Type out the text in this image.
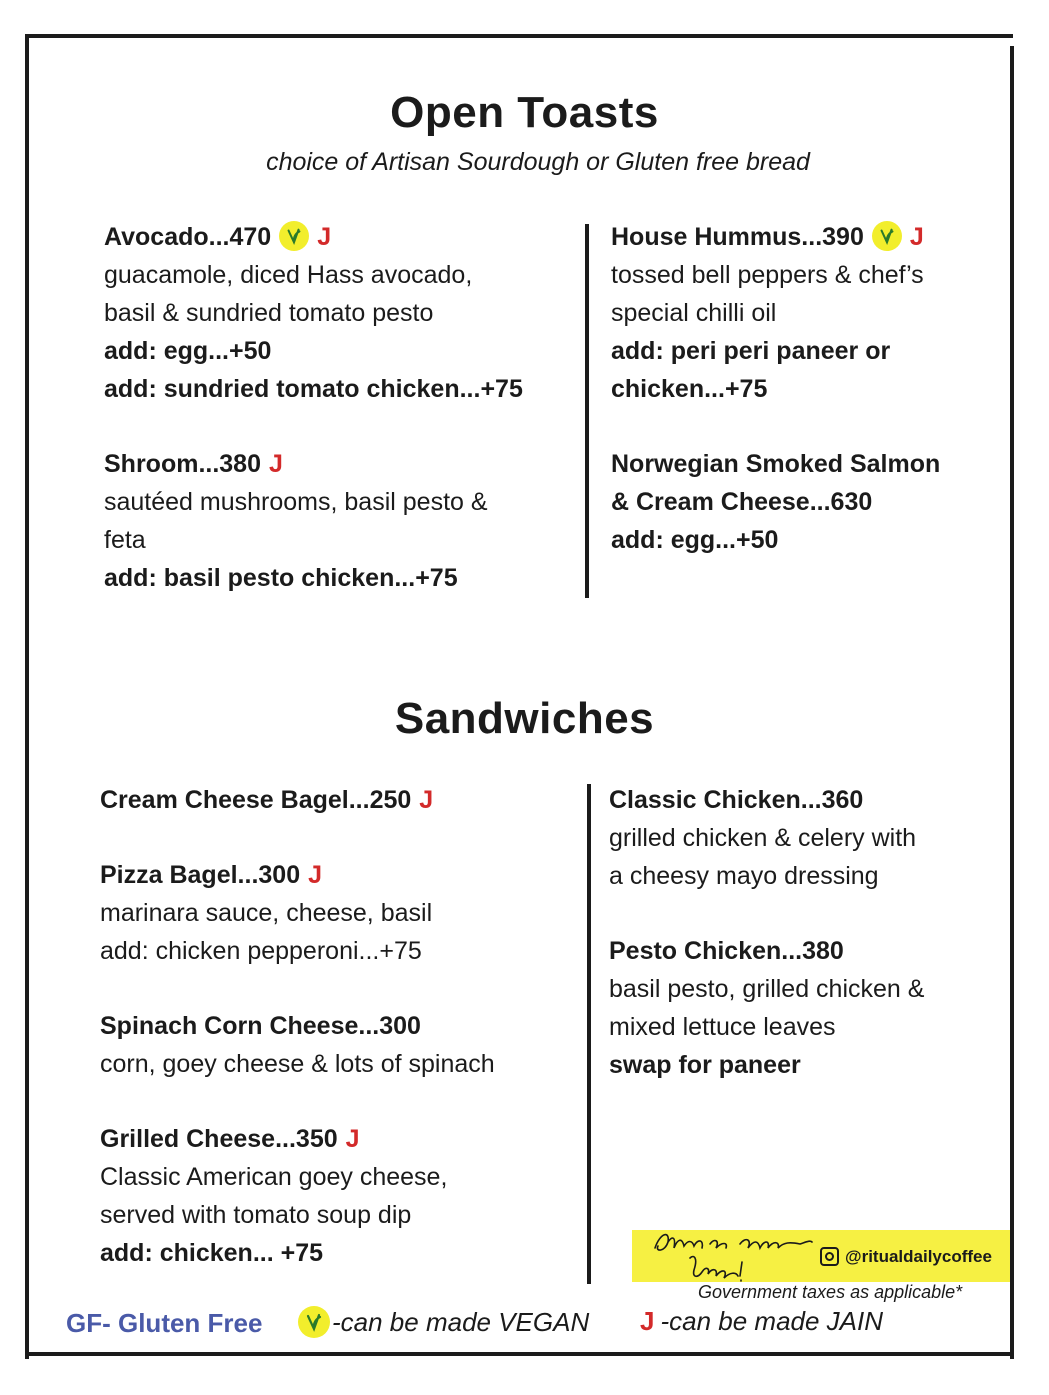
Open Toasts
choice of Artisan Sourdough or Gluten free bread
Avocado...470 J
guacamole, diced Hass avocado,
basil & sundried tomato pesto
add: egg...+50
add: sundried tomato chicken...+75
Shroom...380 J
sautéed mushrooms, basil pesto &
feta
add: basil pesto chicken...+75
House Hummus...390 J
tossed bell peppers & chef’s
special chilli oil
add: peri peri paneer or
chicken...+75
Norwegian Smoked Salmon
& Cream Cheese...630
add: egg...+50
Sandwiches
Cream Cheese Bagel...250 J
Pizza Bagel...300 J
marinara sauce, cheese, basil
add: chicken pepperoni...+75
Spinach Corn Cheese...300
corn, goey cheese & lots of spinach
Grilled Cheese...350 J
Classic American goey cheese,
served with tomato soup dip
add: chicken... +75
Classic Chicken...360
grilled chicken & celery with
a cheesy mayo dressing
Pesto Chicken...380
basil pesto, grilled chicken &
mixed lettuce leaves
swap for paneer
@ritualdailycoffee
Government taxes as applicable*
GF- Gluten Free	-can be made VEGAN J -can be made JAIN
